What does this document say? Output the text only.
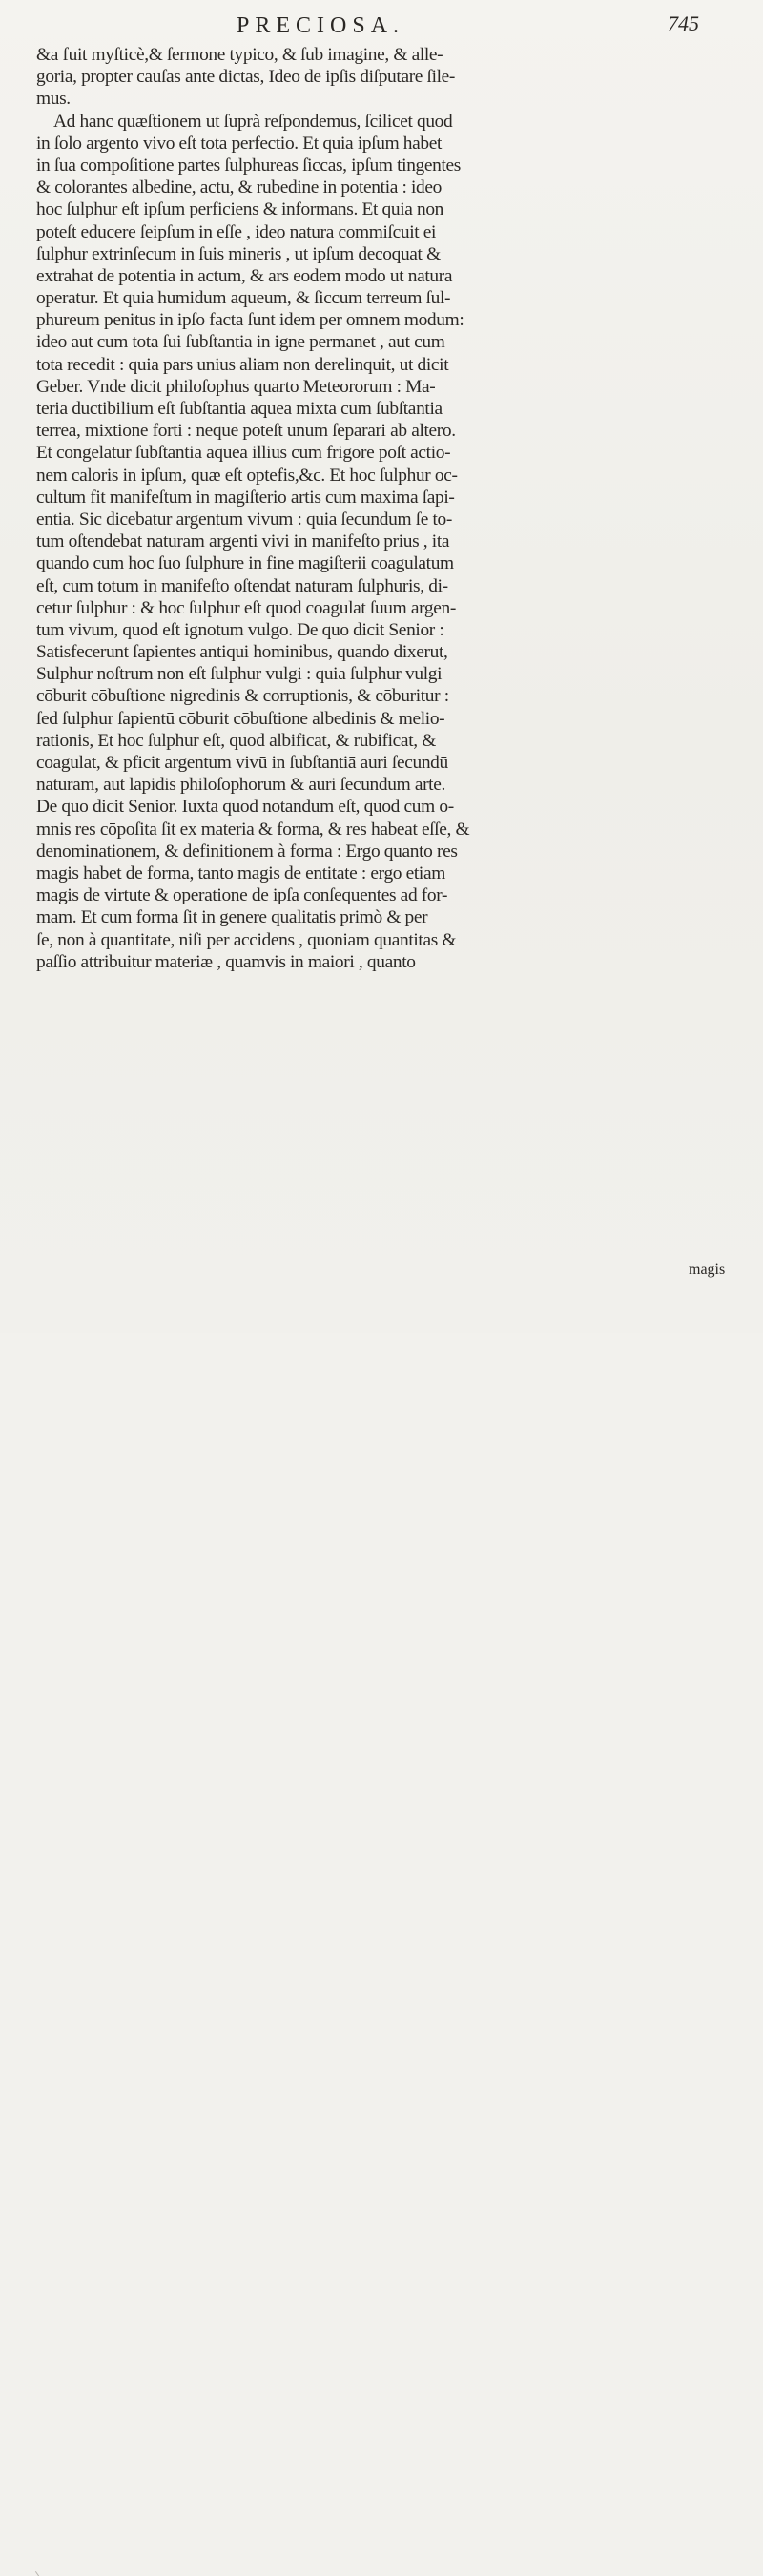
PRECIOSA.	745
&a fuit myſticè,& ſermone typico, & ſub imagine, & alle-
goria, propter cauſas ante dictas, Ideo de ipſis diſputare ſile-
mus.
Ad hanc quæſtionem ut ſuprà reſpondemus, ſcilicet quod
in ſolo argento vivo eſt tota perfectio. Et quia ipſum habet
in ſua compoſitione partes ſulphureas ſiccas, ipſum tingentes
& colorantes albedine, actu, & rubedine in potentia : ideo
hoc ſulphur eſt ipſum perficiens & informans. Et quia non
poteſt educere ſeipſum in eſſe , ideo natura commiſcuit ei
ſulphur extrinſecum in ſuis mineris , ut ipſum decoquat &
extrahat de potentia in actum, & ars eodem modo ut natura
operatur. Et quia humidum aqueum, & ſiccum terreum ſul-
phureum penitus in ipſo facta ſunt idem per omnem modum:
ideo aut cum tota ſui ſubſtantia in igne permanet , aut cum
tota recedit : quia pars unius aliam non derelinquit, ut dicit
Geber. Vnde dicit philoſophus quarto Meteororum : Ma-
teria ductibilium eſt ſubſtantia aquea mixta cum ſubſtantia
terrea, mixtione forti : neque poteſt unum ſeparari ab altero.
Et congelatur ſubſtantia aquea illius cum frigore poſt actio-
nem caloris in ipſum, quæ eſt optefis,&c. Et hoc ſulphur oc-
cultum fit manifeſtum in magiſterio artis cum maxima ſapi-
entia. Sic dicebatur argentum vivum : quia ſecundum ſe to-
tum oſtendebat naturam argenti vivi in manifeſto prius , ita
quando cum hoc ſuo ſulphure in fine magiſterii coagulatum
eſt, cum totum in manifeſto oſtendat naturam ſulphuris, di-
cetur ſulphur : & hoc ſulphur eſt quod coagulat ſuum argen-
tum vivum, quod eſt ignotum vulgo. De quo dicit Senior :
Satisfecerunt ſapientes antiqui hominibus, quando dixerut,
Sulphur noſtrum non eſt ſulphur vulgi : quia ſulphur vulgi
cōburit cōbuſtione nigredinis & corruptionis, & cōburitur :
ſed ſulphur ſapientū cōburit cōbuſtione albedinis & melio-
rationis, Et hoc ſulphur eſt, quod albificat, & rubificat, &
coagulat, & pficit argentum vivū in ſubſtantiā auri ſecundū
naturam, aut lapidis philoſophorum & auri ſecundum artē.
De quo dicit Senior. Iuxta quod notandum eſt, quod cum o-
mnis res cōpoſita ſit ex materia & forma, & res habeat eſſe, &
denominationem, & definitionem à forma : Ergo quanto res
magis habet de forma, tanto magis de entitate : ergo etiam
magis de virtute & operatione de ipſa conſequentes ad for-
mam. Et cum forma ſit in genere qualitatis primò & per
ſe, non à quantitate, niſi per accidens , quoniam quantitas &
paſſio attribuitur materiæ , quamvis in maiori , quanto
magis
